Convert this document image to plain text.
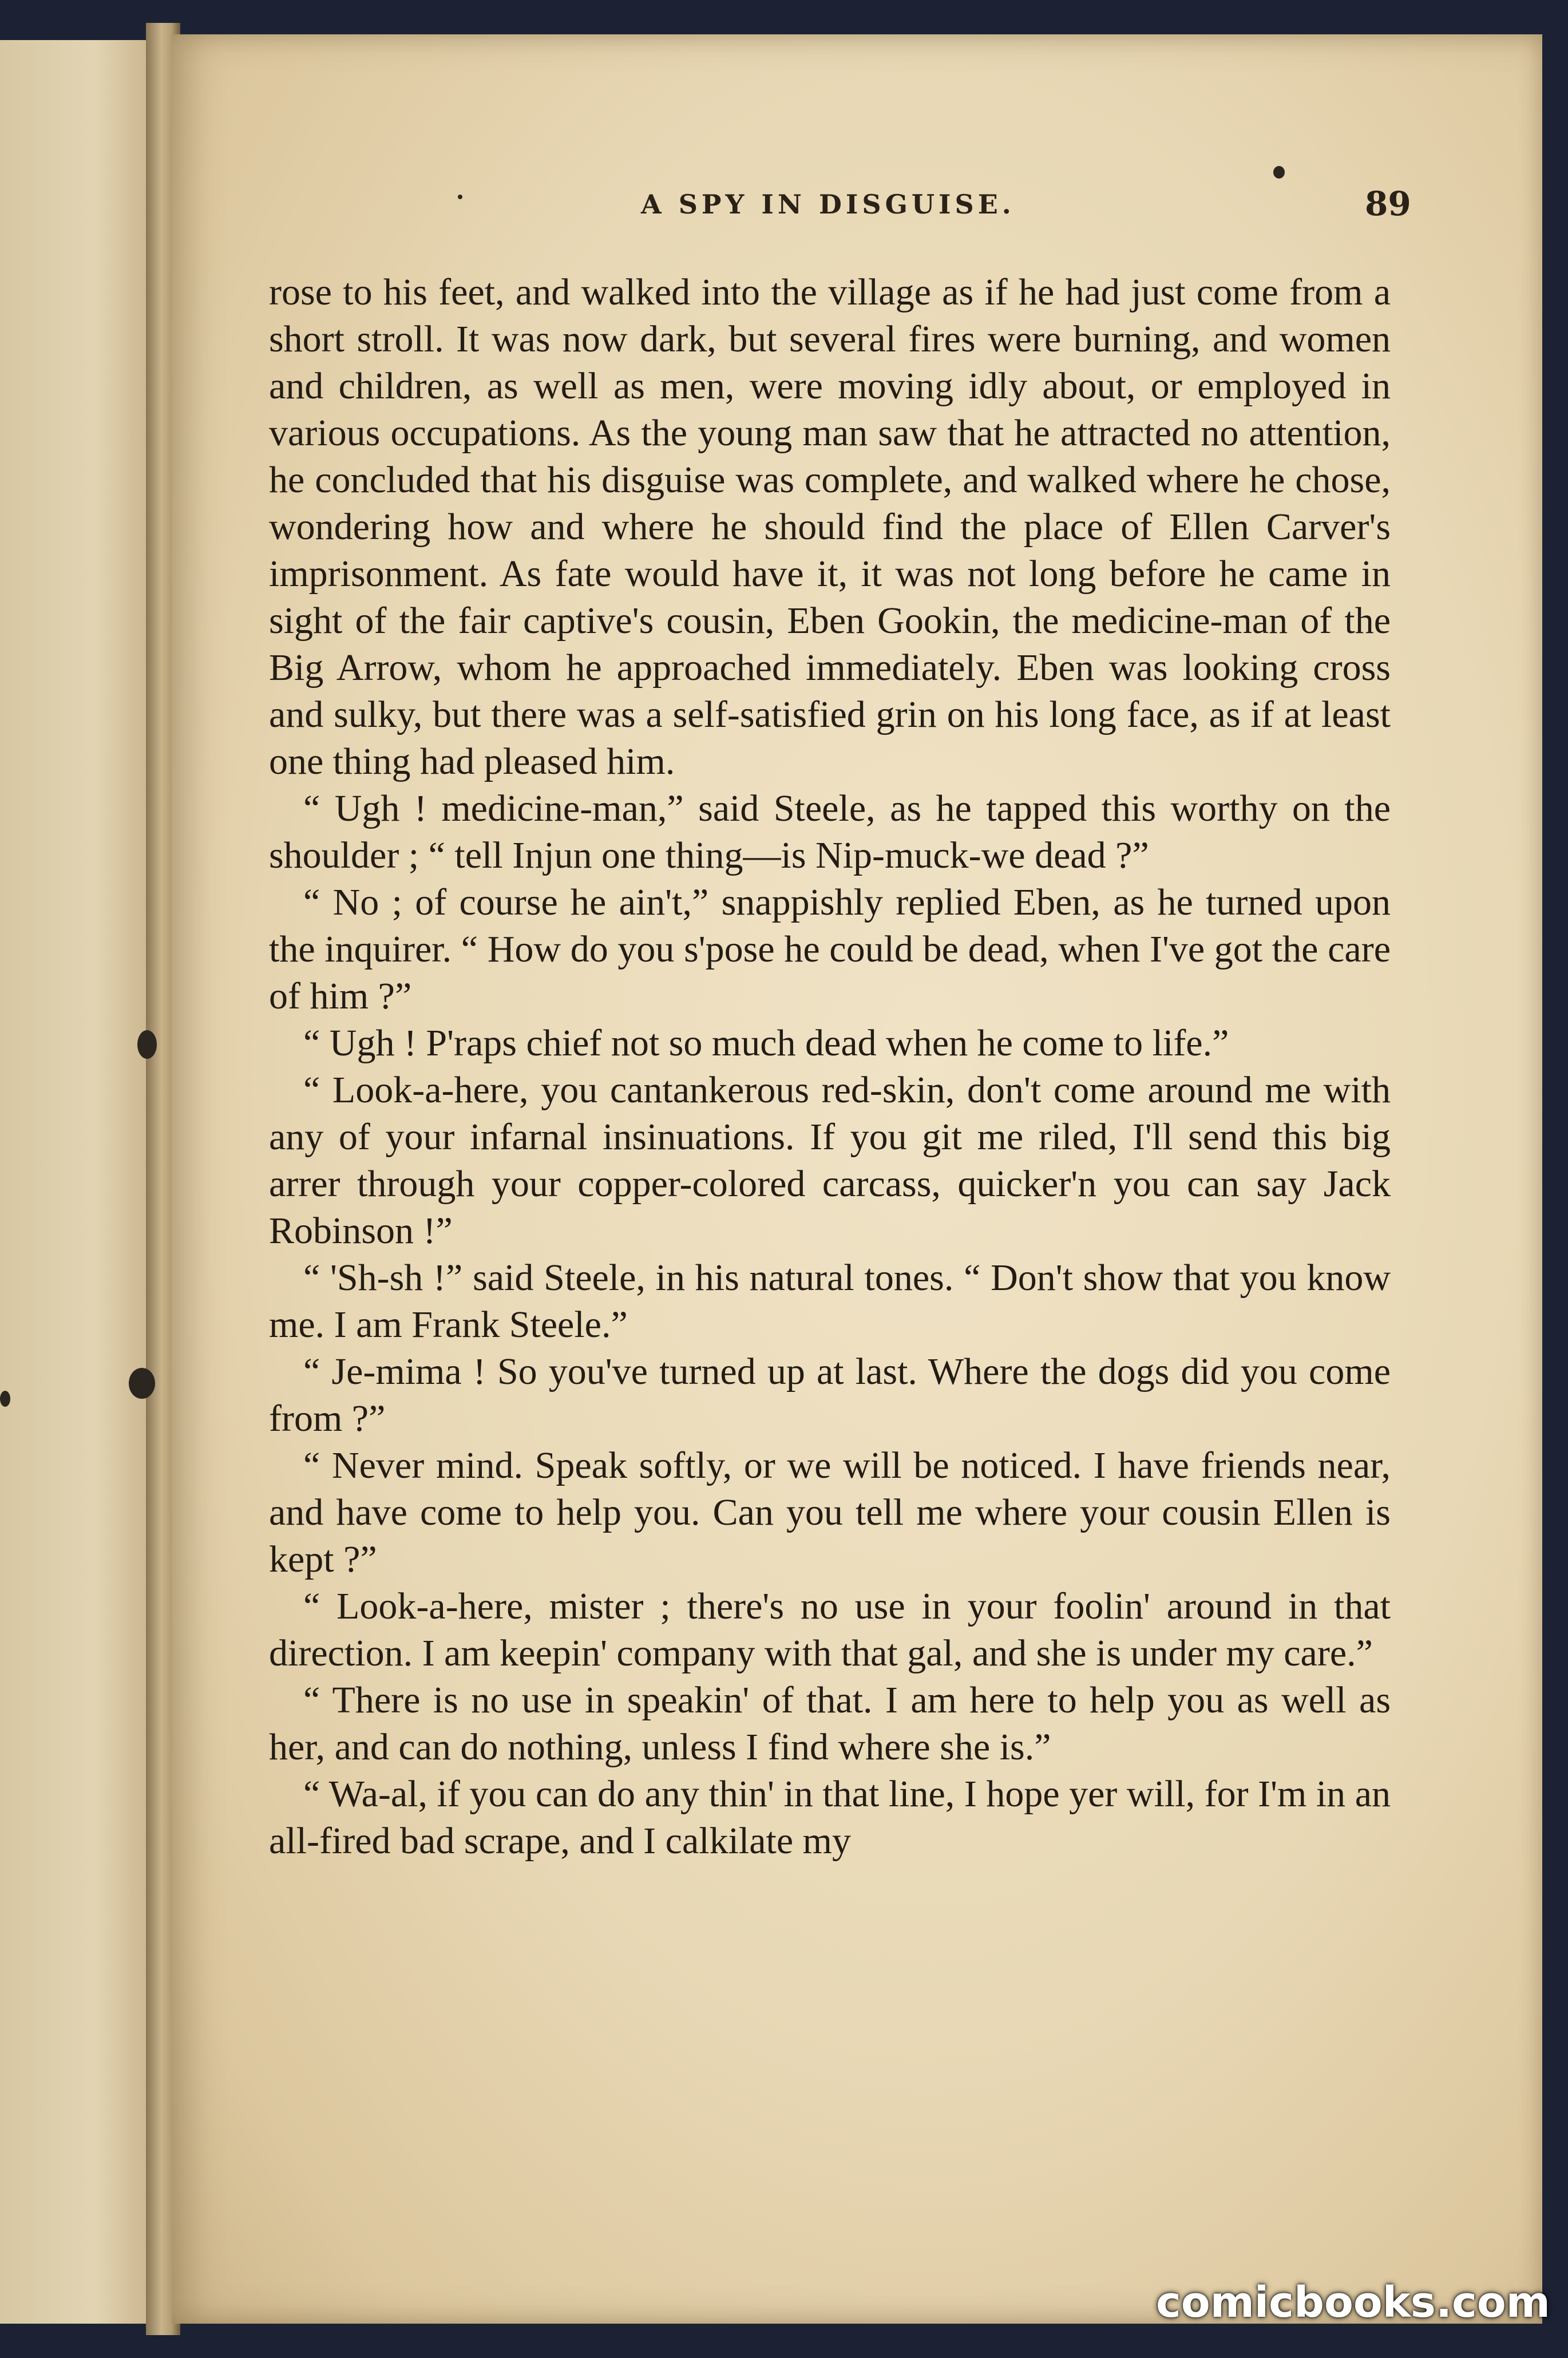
A SPY IN DISGUISE.	89

rose to his feet, and walked into the village as if he had just come from a short stroll. It was now dark, but several fires were burning, and women and children, as well as men, were moving idly about, or employed in various occupations. As the young man saw that he attracted no attention, he concluded that his disguise was complete, and walked where he chose, wondering how and where he should find the place of Ellen Carver's imprisonment. As fate would have it, it was not long before he came in sight of the fair captive's cousin, Eben Gookin, the medicine-man of the Big Arrow, whom he approached immediately. Eben was looking cross and sulky, but there was a self-satisfied grin on his long face, as if at least one thing had pleased him.

“ Ugh ! medicine-man,” said Steele, as he tapped this worthy on the shoulder ; “ tell Injun one thing—is Nip-muck-we dead ?”

“ No ; of course he ain't,” snappishly replied Eben, as he turned upon the inquirer. “ How do you s'pose he could be dead, when I've got the care of him ?”

“ Ugh ! P'raps chief not so much dead when he come to life.”

“ Look-a-here, you cantankerous red-skin, don't come around me with any of your infarnal insinuations. If you git me riled, I'll send this big arrer through your copper-colored carcass, quicker'n you can say Jack Robinson !”

“ 'Sh-sh !” said Steele, in his natural tones. “ Don't show that you know me. I am Frank Steele.”

“ Je-mima ! So you've turned up at last. Where the dogs did you come from ?”

“ Never mind. Speak softly, or we will be noticed. I have friends near, and have come to help you. Can you tell me where your cousin Ellen is kept ?”

“ Look-a-here, mister ; there's no use in your foolin' around in that direction. I am keepin' company with that gal, and she is under my care.”

“ There is no use in speakin' of that. I am here to help you as well as her, and can do nothing, unless I find where she is.”

“ Wa-al, if you can do any thin' in that line, I hope yer will, for I'm in an all-fired bad scrape, and I calkilate my

comicbooks.com
